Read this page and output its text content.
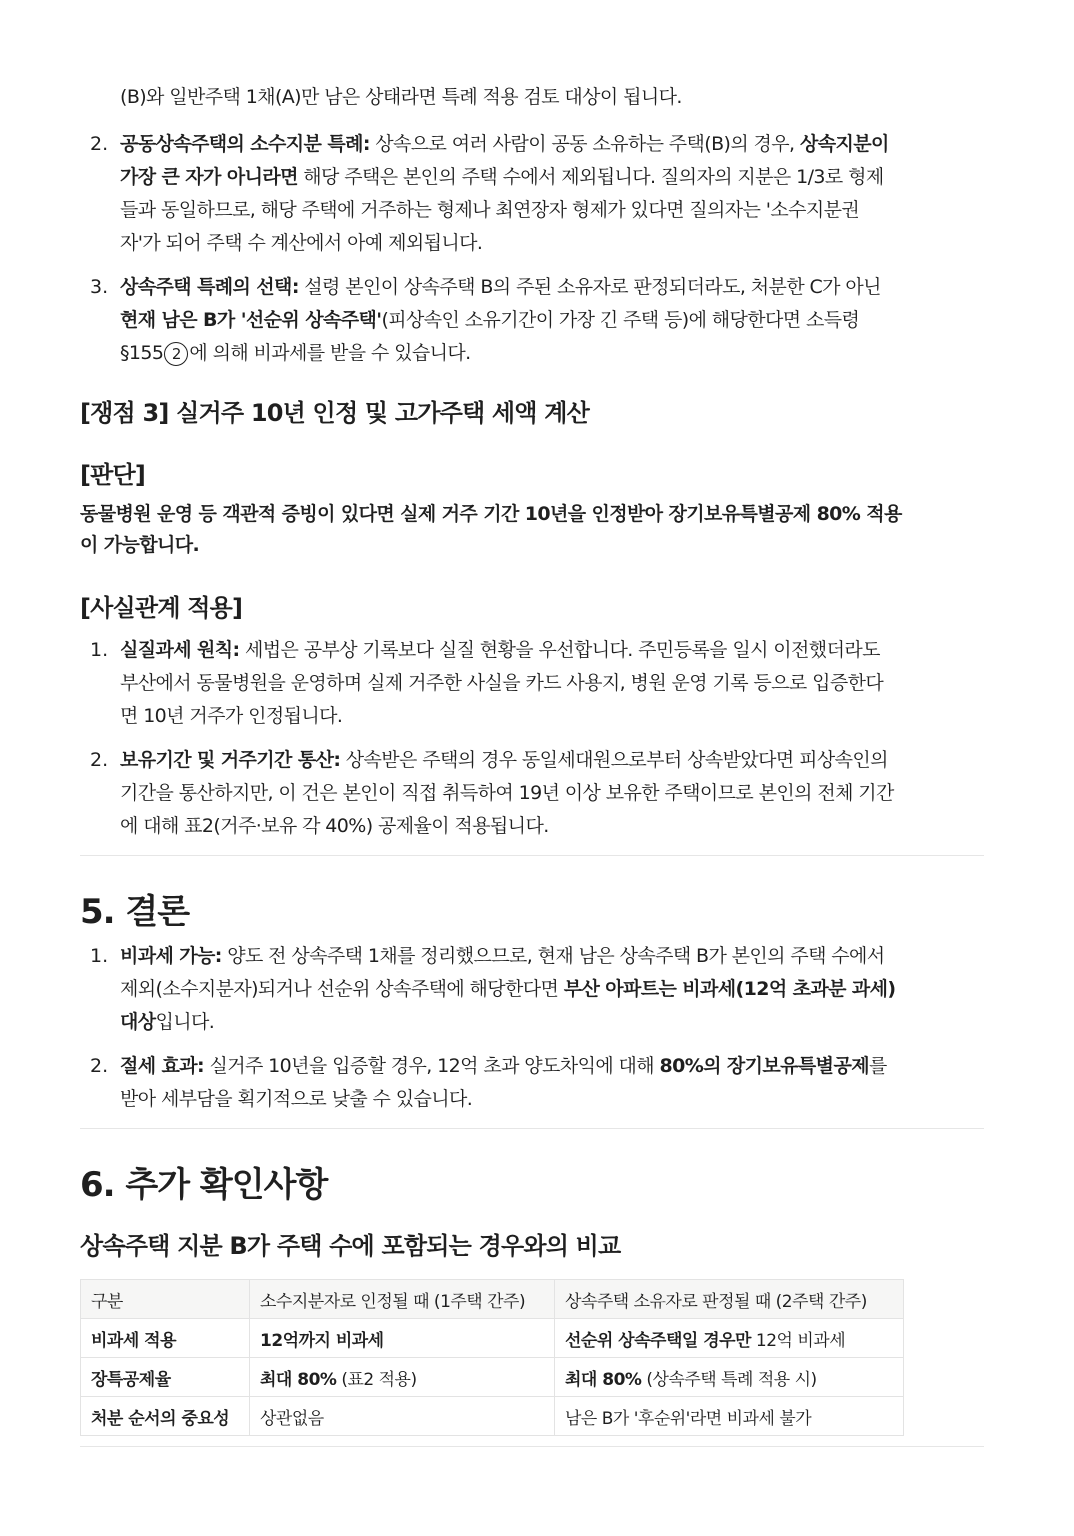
(B)와 일반주택 1채(A)만 남은 상태라면 특례 적용 검토 대상이 됩니다.
2. 공동상속주택의 소수지분 특례: 상속으로 여러 사람이 공동 소유하는 주택(B)의 경우, 상속지분이
가장 큰 자가 아니라면 해당 주택은 본인의 주택 수에서 제외됩니다. 질의자의 지분은 1/3로 형제
들과 동일하므로, 해당 주택에 거주하는 형제나 최연장자 형제가 있다면 질의자는 '소수지분권
자'가 되어 주택 수 계산에서 아예 제외됩니다.
3. 상속주택 특례의 선택: 설령 본인이 상속주택 B의 주된 소유자로 판정되더라도, 처분한 C가 아닌
현재 남은 B가 '선순위 상속주택'(피상속인 소유기간이 가장 긴 주택 등)에 해당한다면 소득령
§155 2 에 의해 비과세를 받을 수 있습니다.
[쟁점 3] 실거주 10년 인정 및 고가주택 세액 계산
[판단]
동물병원 운영 등 객관적 증빙이 있다면 실제 거주 기간 10년을 인정받아 장기보유특별공제 80% 적용
이 가능합니다.
[사실관계 적용]
1. 실질과세 원칙: 세법은 공부상 기록보다 실질 현황을 우선합니다. 주민등록을 일시 이전했더라도
부산에서 동물병원을 운영하며 실제 거주한 사실을 카드 사용지, 병원 운영 기록 등으로 입증한다
면 10년 거주가 인정됩니다.
2. 보유기간 및 거주기간 통산: 상속받은 주택의 경우 동일세대원으로부터 상속받았다면 피상속인의
기간을 통산하지만, 이 건은 본인이 직접 취득하여 19년 이상 보유한 주택이므로 본인의 전체 기간
에 대해 표2(거주·보유 각 40%) 공제율이 적용됩니다.
5. 결론
1. 비과세 가능: 양도 전 상속주택 1채를 정리했으므로, 현재 남은 상속주택 B가 본인의 주택 수에서
제외(소수지분자)되거나 선순위 상속주택에 해당한다면 부산 아파트는 비과세(12억 초과분 과세)
대상입니다.
2. 절세 효과: 실거주 10년을 입증할 경우, 12억 초과 양도차익에 대해 80%의 장기보유특별공제를
받아 세부담을 획기적으로 낮출 수 있습니다.
6. 추가 확인사항
상속주택 지분 B가 주택 수에 포함되는 경우와의 비교
구분	소수지분자로 인정될 때 (1주택 간주)	상속주택 소유자로 판정될 때 (2주택 간주)
비과세 적용	12억까지 비과세	선순위 상속주택일 경우만 12억 비과세
장특공제율	최대 80% (표2 적용)	최대 80% (상속주택 특례 적용 시)
처분 순서의 중요성	상관없음	남은 B가 '후순위'라면 비과세 불가
